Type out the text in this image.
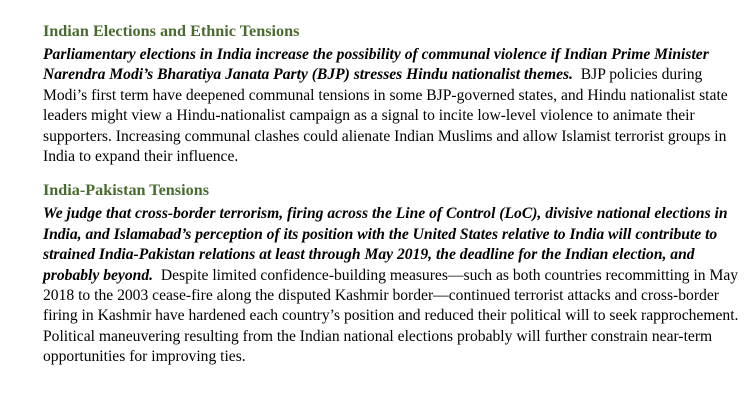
Indian Elections and Ethnic Tensions

Parliamentary elections in India increase the possibility of communal violence if Indian Prime Minister Narendra Modi’s Bharatiya Janata Party (BJP) stresses Hindu nationalist themes. BJP policies during Modi’s first term have deepened communal tensions in some BJP-governed states, and Hindu nationalist state leaders might view a Hindu-nationalist campaign as a signal to incite low-level violence to animate their supporters. Increasing communal clashes could alienate Indian Muslims and allow Islamist terrorist groups in India to expand their influence.

India-Pakistan Tensions

We judge that cross-border terrorism, firing across the Line of Control (LoC), divisive national elections in India, and Islamabad’s perception of its position with the United States relative to India will contribute to strained India-Pakistan relations at least through May 2019, the deadline for the Indian election, and probably beyond. Despite limited confidence-building measures—such as both countries recommitting in May 2018 to the 2003 cease-fire along the disputed Kashmir border—continued terrorist attacks and cross-border firing in Kashmir have hardened each country’s position and reduced their political will to seek rapprochement. Political maneuvering resulting from the Indian national elections probably will further constrain near-term opportunities for improving ties.
